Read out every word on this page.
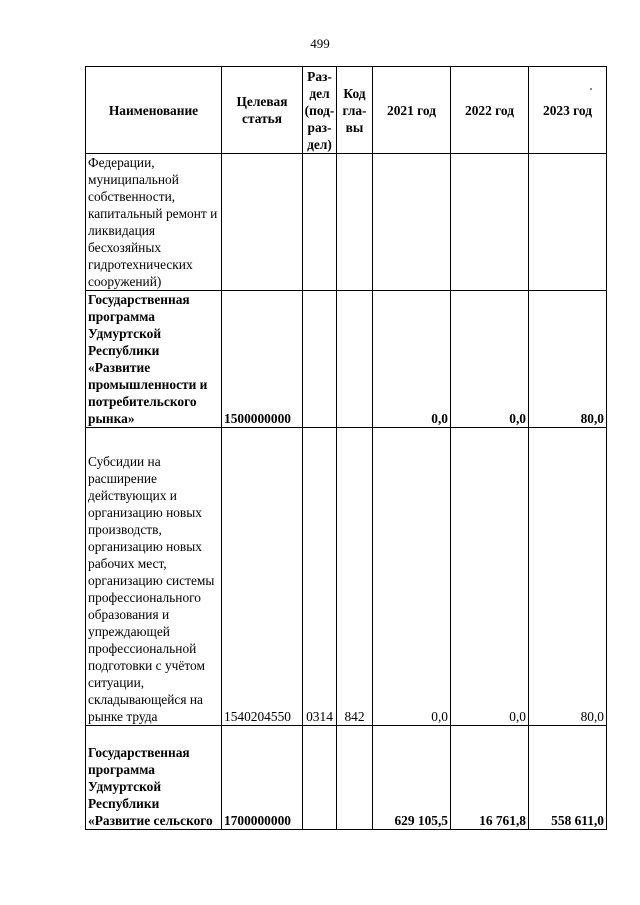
499
Наименование	Целевая статья	Раз-дел (под-раз-дел)	Код гла-вы	2021 год	2022 год	2023 год
Федерации, муниципальной собственности, капитальный ремонт и ликвидация бесхозяйных гидротехнических сооружений)						
Государственная программа Удмуртской Республики «Развитие промышленности и потребительского рынка»	1500000000			0,0	0,0	80,0
Субсидии на расширение действующих и организацию новых производств, организацию новых рабочих мест, организацию системы профессионального образования и упреждающей профессиональной подготовки с учётом ситуации, складывающейся на рынке труда	1540204550	0314	842	0,0	0,0	80,0
Государственная программа Удмуртской Республики «Развитие сельского	1700000000			629 105,5	16 761,8	558 611,0
